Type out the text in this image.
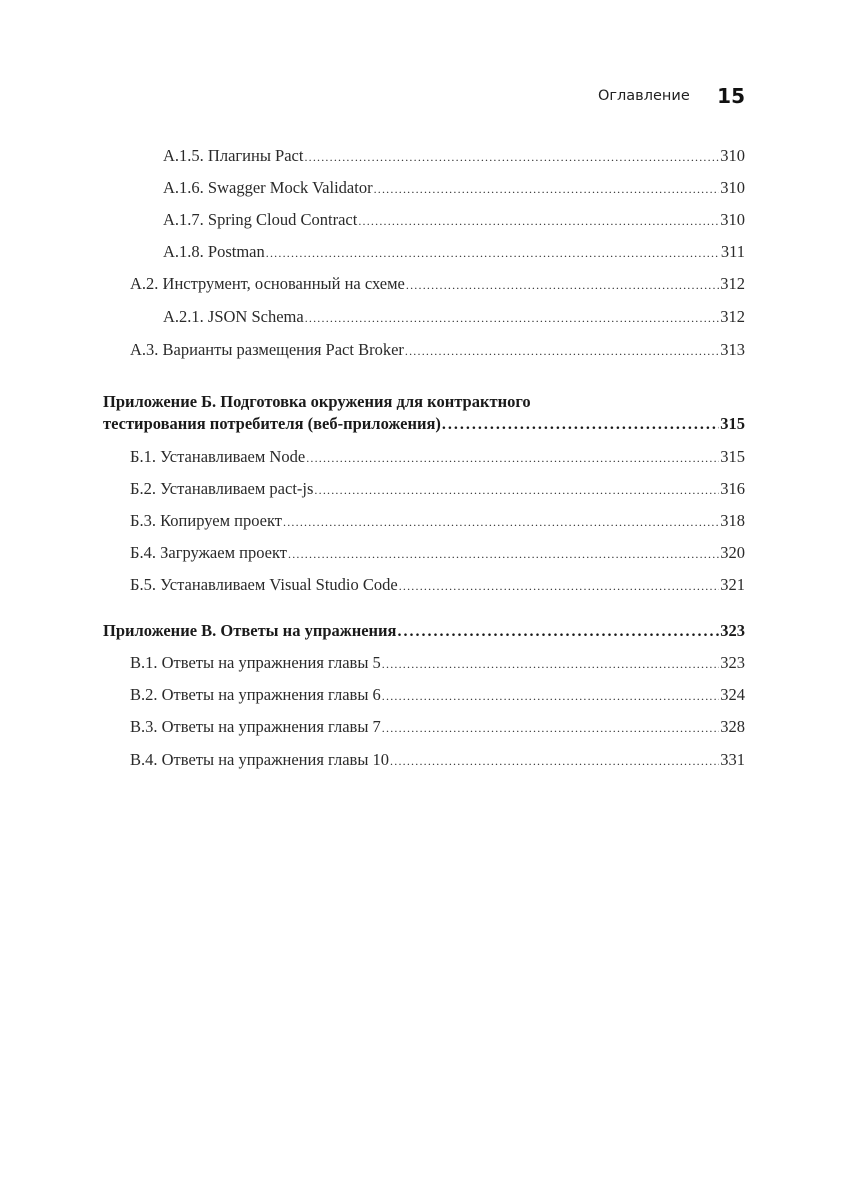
Оглавление 15
А.1.5. Плагины Pact .....	310
А.1.6. Swagger Mock Validator .....	310
А.1.7. Spring Cloud Contract .....	310
А.1.8. Postman .....	311
А.2. Инструмент, основанный на схеме .....	312
А.2.1. JSON Schema .....	312
А.3. Варианты размещения Pact Broker .....	313
Приложение Б. Подготовка окружения для контрактного
тестирования потребителя (веб-приложения) .....	315
Б.1. Устанавливаем Node .....	315
Б.2. Устанавливаем pact-js .....	316
Б.3. Копируем проект .....	318
Б.4. Загружаем проект .....	320
Б.5. Устанавливаем Visual Studio Code .....	321
Приложение В. Ответы на упражнения .....	323
В.1. Ответы на упражнения главы 5 .....	323
В.2. Ответы на упражнения главы 6 .....	324
В.3. Ответы на упражнения главы 7 .....	328
В.4. Ответы на упражнения главы 10 .....	331
